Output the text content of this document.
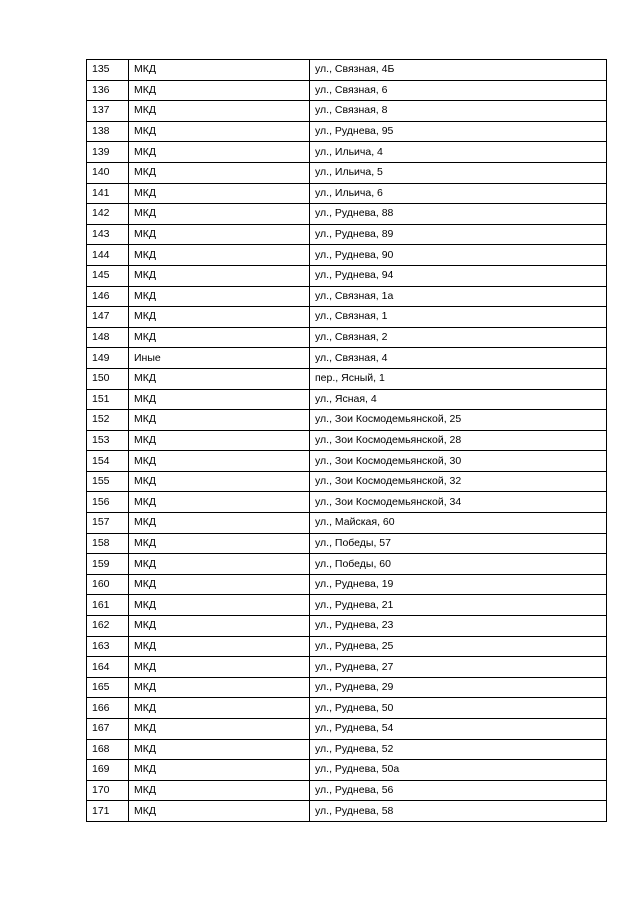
135	МКД	ул., Связная, 4Б
136	МКД	ул., Связная, 6
137	МКД	ул., Связная, 8
138	МКД	ул., Руднева, 95
139	МКД	ул., Ильича, 4
140	МКД	ул., Ильича, 5
141	МКД	ул., Ильича, 6
142	МКД	ул., Руднева, 88
143	МКД	ул., Руднева, 89
144	МКД	ул., Руднева, 90
145	МКД	ул., Руднева, 94
146	МКД	ул., Связная, 1а
147	МКД	ул., Связная, 1
148	МКД	ул., Связная, 2
149	Иные	ул., Связная, 4
150	МКД	пер., Ясный, 1
151	МКД	ул., Ясная, 4
152	МКД	ул., Зои Космодемьянской, 25
153	МКД	ул., Зои Космодемьянской, 28
154	МКД	ул., Зои Космодемьянской, 30
155	МКД	ул., Зои Космодемьянской, 32
156	МКД	ул., Зои Космодемьянской, 34
157	МКД	ул., Майская, 60
158	МКД	ул., Победы, 57
159	МКД	ул., Победы, 60
160	МКД	ул., Руднева, 19
161	МКД	ул., Руднева, 21
162	МКД	ул., Руднева, 23
163	МКД	ул., Руднева, 25
164	МКД	ул., Руднева, 27
165	МКД	ул., Руднева, 29
166	МКД	ул., Руднева, 50
167	МКД	ул., Руднева, 54
168	МКД	ул., Руднева, 52
169	МКД	ул., Руднева, 50а
170	МКД	ул., Руднева, 56
171	МКД	ул., Руднева, 58
